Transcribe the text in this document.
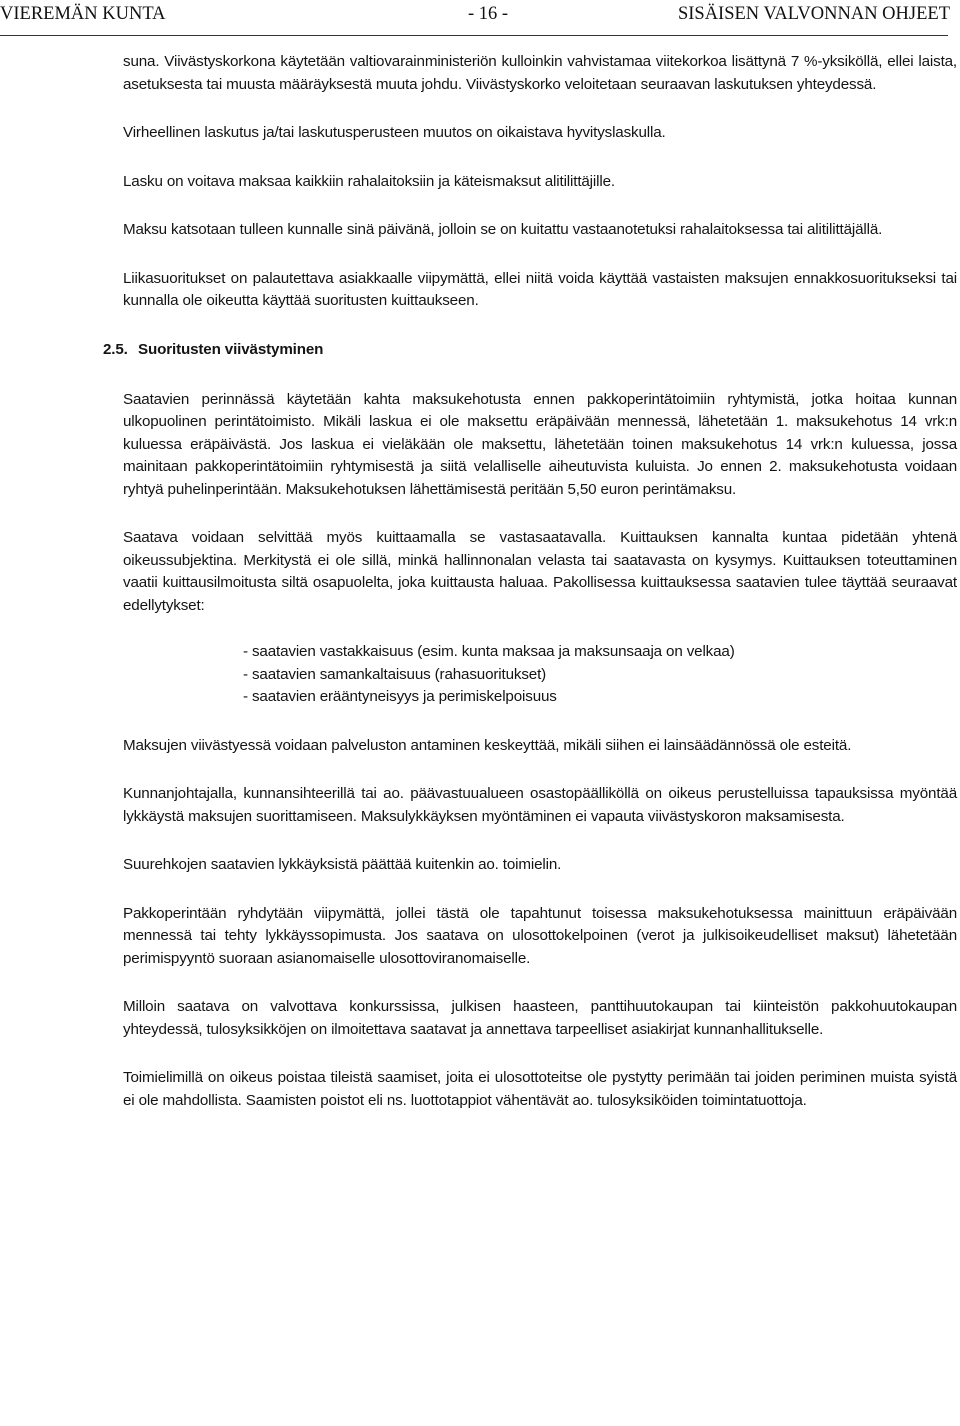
VIEREMÄN KUNTA	- 16 -	SISÄISEN VALVONNAN OHJEET

suna. Viivästyskorkona käytetään valtiovarainministeriön kulloinkin vahvistamaa viitekorkoa lisättynä 7 %-yksiköllä, ellei laista, asetuksesta tai muusta määräyksestä muuta johdu. Viivästyskorko veloitetaan seuraavan laskutuksen yhteydessä.

Virheellinen laskutus ja/tai laskutusperusteen muutos on oikaistava hyvityslaskulla.

Lasku on voitava maksaa kaikkiin rahalaitoksiin ja käteismaksut alitilittäjille.

Maksu katsotaan tulleen kunnalle sinä päivänä, jolloin se on kuitattu vastaanotetuksi rahalaitoksessa tai alitilittäjällä.

Liikasuoritukset on palautettava asiakkaalle viipymättä, ellei niitä voida käyttää vastaisten maksujen ennakkosuoritukseksi tai kunnalla ole oikeutta käyttää suoritusten kuittaukseen.

2.5. Suoritusten viivästyminen

Saatavien perinnässä käytetään kahta maksukehotusta ennen pakkoperintätoimiin ryhtymistä, jotka hoitaa kunnan ulkopuolinen perintätoimisto. Mikäli laskua ei ole maksettu eräpäivään mennessä, lähetetään 1. maksukehotus 14 vrk:n kuluessa eräpäivästä. Jos laskua ei vieläkään ole maksettu, lähetetään toinen maksukehotus 14 vrk:n kuluessa, jossa mainitaan pakkoperintätoimiin ryhtymisestä ja siitä velalliselle aiheutuvista kuluista. Jo ennen 2. maksukehotusta voidaan ryhtyä puhelinperintään. Maksukehotuksen lähettämisestä peritään 5,50 euron perintämaksu.

Saatava voidaan selvittää myös kuittaamalla se vastasaatavalla. Kuittauksen kannalta kuntaa pidetään yhtenä oikeussubjektina. Merkitystä ei ole sillä, minkä hallinnonalan velasta tai saatavasta on kysymys. Kuittauksen toteuttaminen vaatii kuittausilmoitusta siltä osapuolelta, joka kuittausta haluaa. Pakollisessa kuittauksessa saatavien tulee täyttää seuraavat edellytykset:

- saatavien vastakkaisuus (esim. kunta maksaa ja maksunsaaja on velkaa)
- saatavien samankaltaisuus (rahasuoritukset)
- saatavien erääntyneisyys ja perimiskelpoisuus

Maksujen viivästyessä voidaan palveluston antaminen keskeyttää, mikäli siihen ei lainsäädännössä ole esteitä.

Kunnanjohtajalla, kunnansihteerillä tai ao. päävastuualueen osastopäälliköllä on oikeus perustelluissa tapauksissa myöntää lykkäystä maksujen suorittamiseen. Maksulykkäyksen myöntäminen ei vapauta viivästyskoron maksamisesta.

Suurehkojen saatavien lykkäyksistä päättää kuitenkin ao. toimielin.

Pakkoperintään ryhdytään viipymättä, jollei tästä ole tapahtunut toisessa maksukehotuksessa mainittuun eräpäivään mennessä tai tehty lykkäyssopimusta. Jos saatava on ulosottokelpoinen (verot ja julkisoikeudelliset maksut) lähetetään perimispyyntö suoraan asianomaiselle ulosottoviranomaiselle.

Milloin saatava on valvottava konkurssissa, julkisen haasteen, panttihuutokaupan tai kiinteistön pakkohuutokaupan yhteydessä, tulosyksikköjen on ilmoitettava saatavat ja annettava tarpeelliset asiakirjat kunnanhallitukselle.

Toimielimillä on oikeus poistaa tileistä saamiset, joita ei ulosottoteitse ole pystytty perimään tai joiden periminen muista syistä ei ole mahdollista. Saamisten poistot eli ns. luottotappiot vähentävät ao. tulosyksiköiden toimintatuottoja.
